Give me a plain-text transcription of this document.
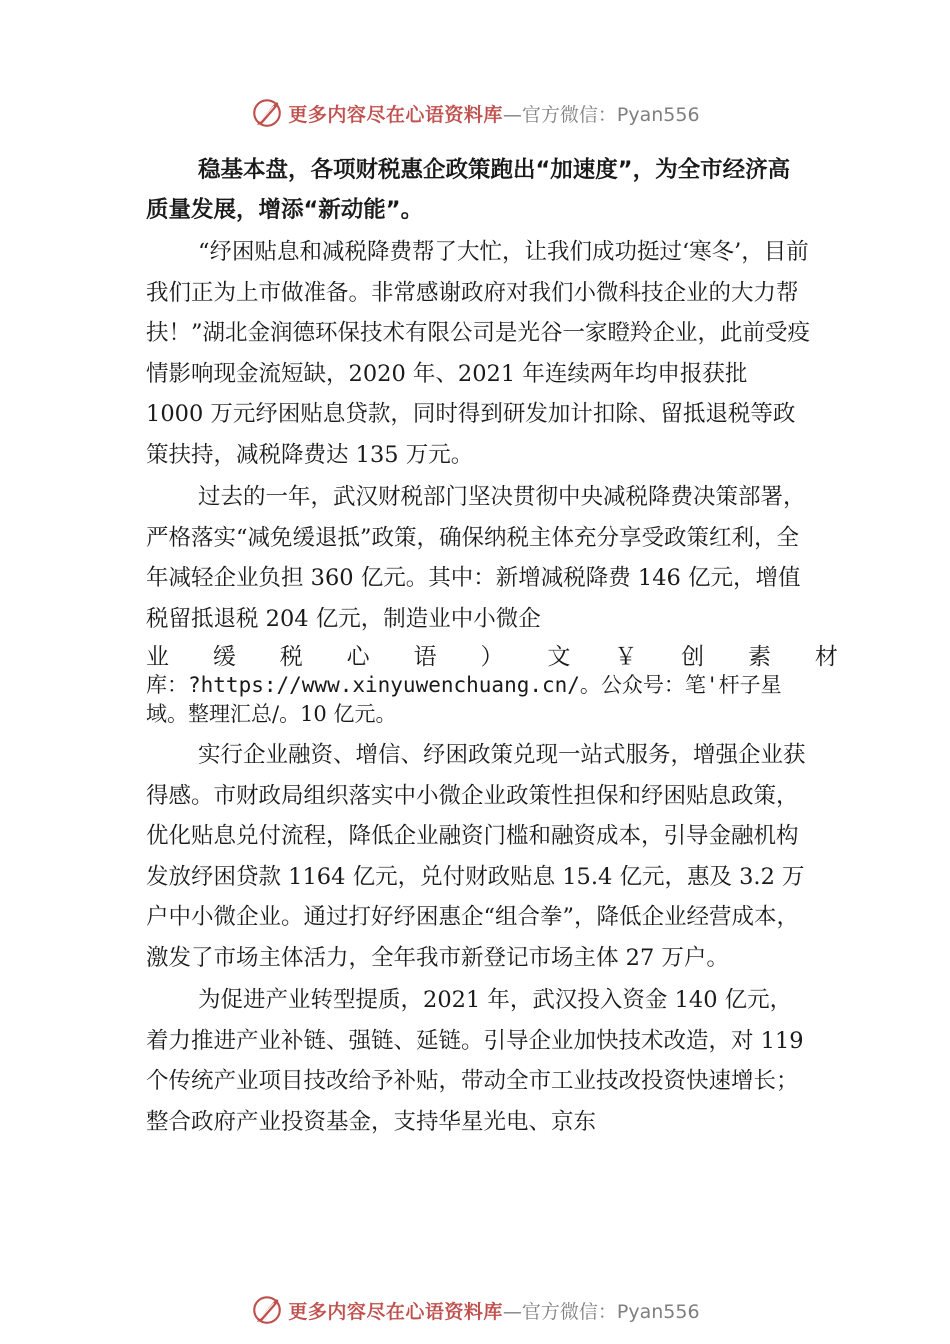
更多内容尽在心语资料库 —官方微信：Pyan556

稳基本盘，各项财税惠企政策跑出“加速度”，为全市经济高质量发展，增添“新动能”。

“纾困贴息和减税降费帮了大忙，让我们成功挺过‘寒冬’，目前我们正为上市做准备。非常感谢政府对我们小微科技企业的大力帮扶！”湖北金润德环保技术有限公司是光谷一家瞪羚企业，此前受疫情影响现金流短缺，2020 年、2021 年连续两年均申报获批 1000 万元纾困贴息贷款，同时得到研发加计扣除、留抵退税等政策扶持，减税降费达 135 万元。

过去的一年，武汉财税部门坚决贯彻中央减税降费决策部署，严格落实“减免缓退抵”政策，确保纳税主体充分享受政策红利，全年减轻企业负担 360 亿元。其中：新增减税降费 146 亿元，增值税留抵退税 204 亿元，制造业中小微企

业 缓 税 心 语 ） 文 ￥ 创 素 材
库：?https://www.xinyuwenchuang.cn/。公众号：笔'杆子星
域。整理汇总/。10 亿元。

实行企业融资、增信、纾困政策兑现一站式服务，增强企业获得感。市财政局组织落实中小微企业政策性担保和纾困贴息政策，优化贴息兑付流程，降低企业融资门槛和融资成本，引导金融机构发放纾困贷款 1164 亿元，兑付财政贴息 15.4 亿元，惠及 3.2 万户中小微企业。通过打好纾困惠企“组合拳”，降低企业经营成本，激发了市场主体活力，全年我市新登记市场主体 27 万户。

为促进产业转型提质，2021 年，武汉投入资金 140 亿元，着力推进产业补链、强链、延链。引导企业加快技术改造，对 119 个传统产业项目技改给予补贴，带动全市工业技改投资快速增长；整合政府产业投资基金，支持华星光电、京东

更多内容尽在心语资料库 —官方微信：Pyan556
